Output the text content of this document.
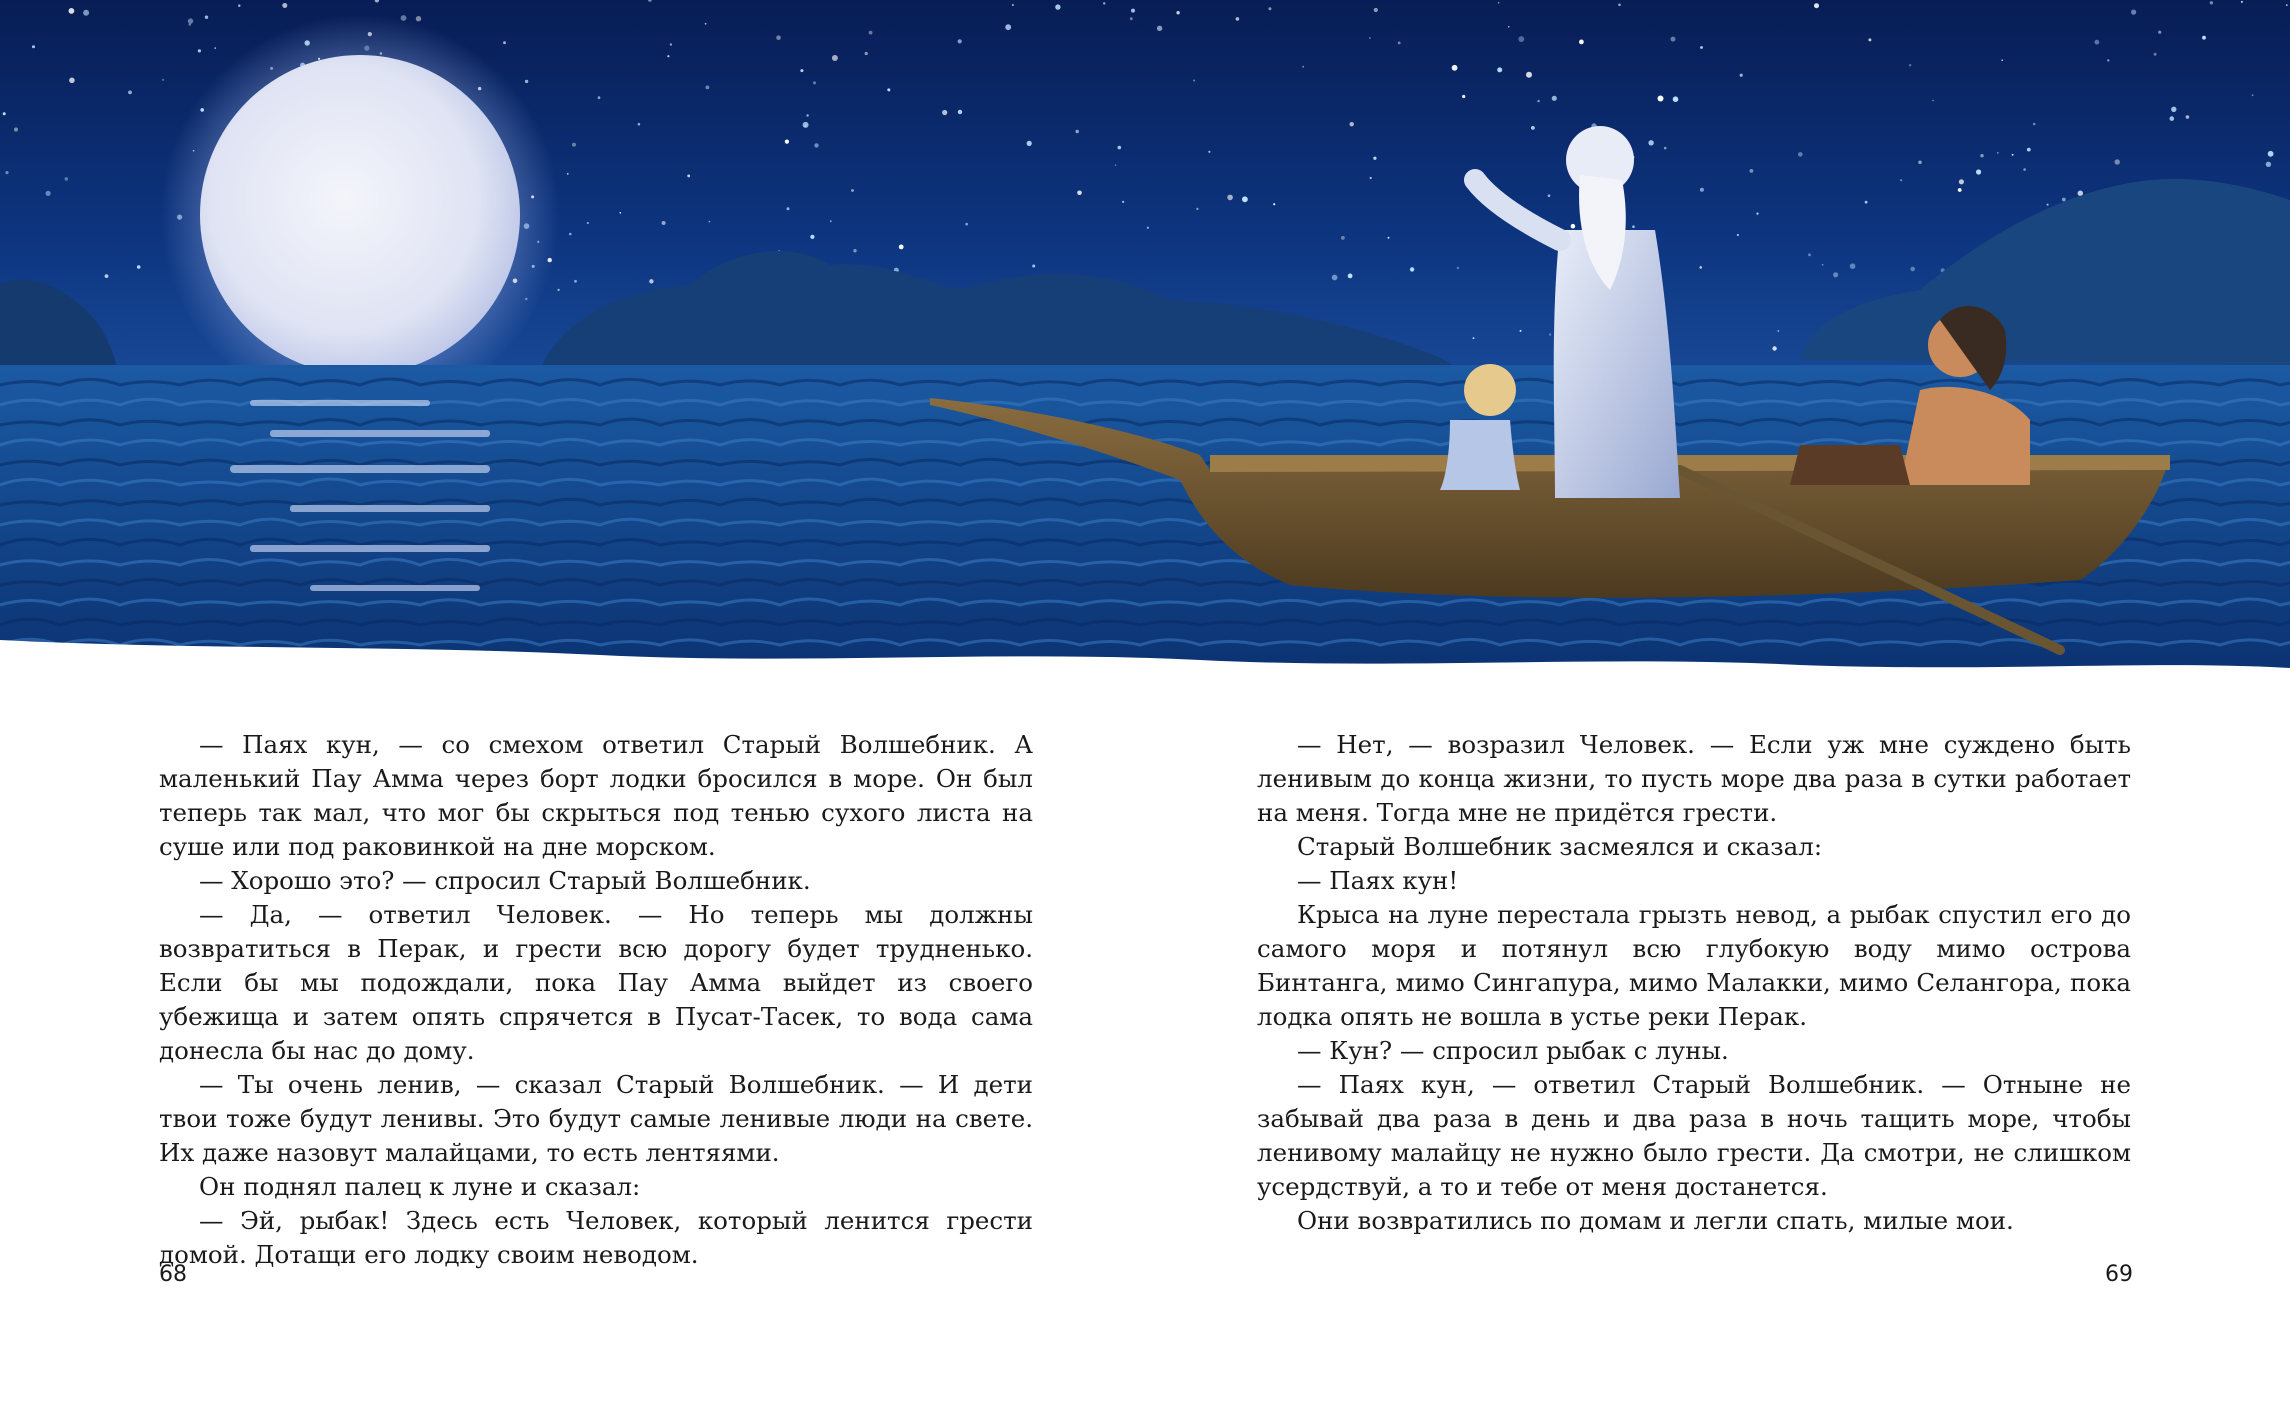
— Паях кун, — со смехом ответил Старый Волшебник. А маленький Пау Амма через борт лодки бросился в море. Он был теперь так мал, что мог бы скрыться под тенью сухого листа на суше или под раковинкой на дне морском.

— Хорошо это? — спросил Старый Волшебник.

— Да, — ответил Человек. — Но теперь мы должны возвратиться в Перак, и грести всю дорогу будет трудненько. Если бы мы подождали, пока Пау Амма выйдет из своего убежища и затем опять спрячется в Пусат-Тасек, то вода сама донесла бы нас до дому.

— Ты очень ленив, — сказал Старый Волшебник. — И дети твои тоже будут ленивы. Это будут самые ленивые люди на свете. Их даже назовут малайцами, то есть лентяями.

Он поднял палец к луне и сказал:

— Эй, рыбак! Здесь есть Человек, который ленится грести домой. Дотащи его лодку своим неводом.

— Нет, — возразил Человек. — Если уж мне суждено быть ленивым до конца жизни, то пусть море два раза в сутки работает на меня. Тогда мне не придётся грести.

Старый Волшебник засмеялся и сказал:

— Паях кун!

Крыса на луне перестала грызть невод, а рыбак спустил его до самого моря и потянул всю глубокую воду мимо острова Бинтанга, мимо Сингапура, мимо Малакки, мимо Селангора, пока лодка опять не вошла в устье реки Перак.

— Кун? — спросил рыбак с луны.

— Паях кун, — ответил Старый Волшебник. — Отныне не забывай два раза в день и два раза в ночь тащить море, чтобы ленивому малайцу не нужно было грести. Да смотри, не слишком усердствуй, а то и тебе от меня достанется.

Они возвратились по домам и легли спать, милые мои.

68	69
